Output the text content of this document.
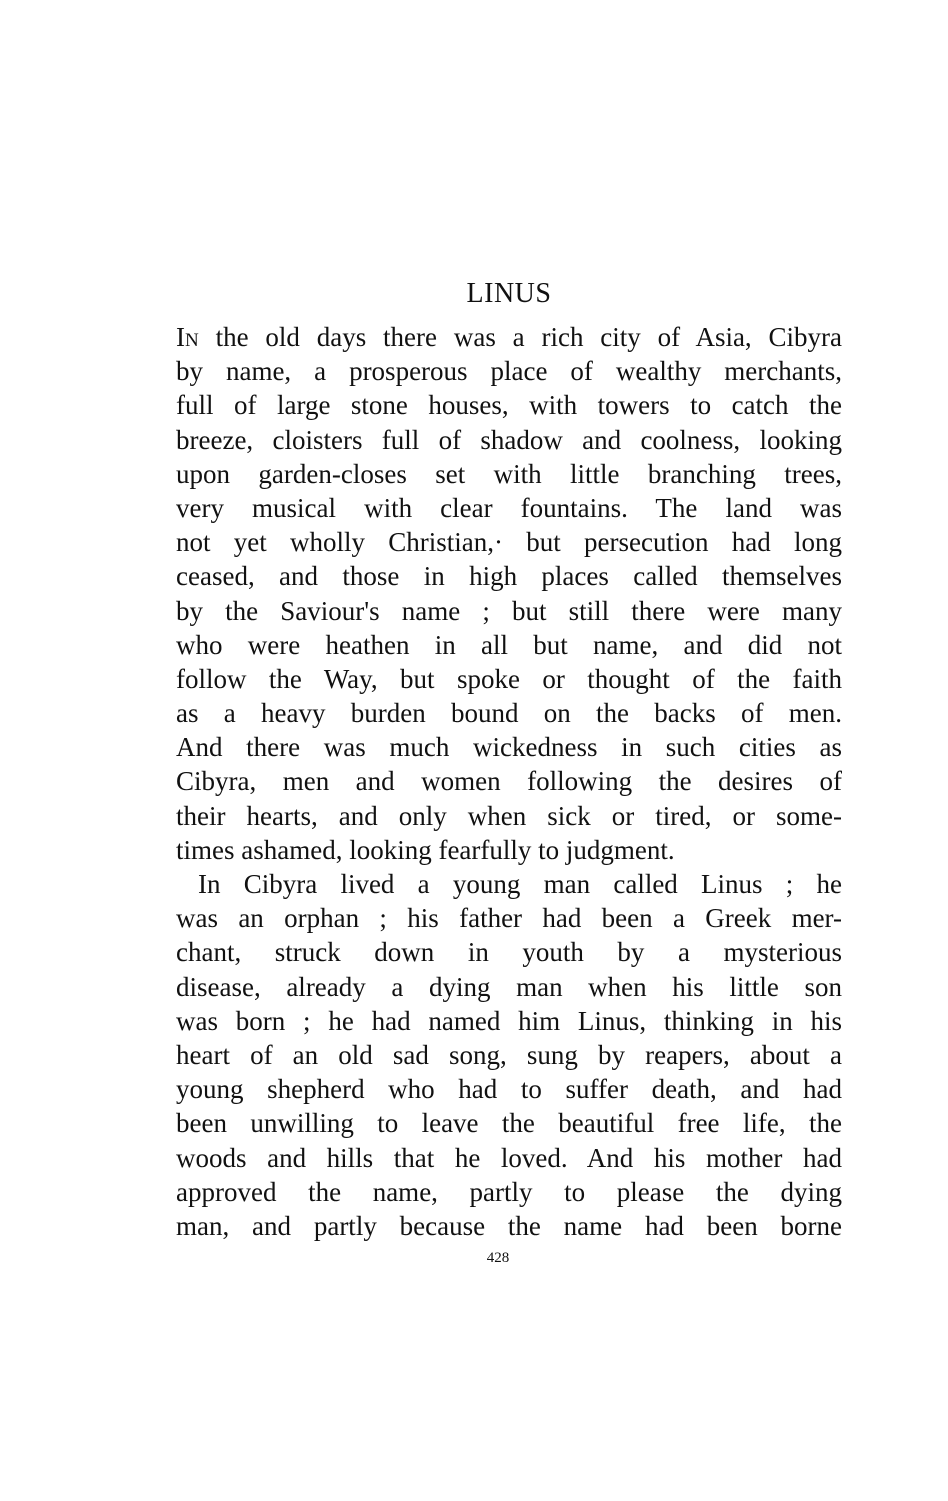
LINUS
In the old days there was a rich city of Asia, Cibyra
by name, a prosperous place of wealthy merchants,
full of large stone houses, with towers to catch the
breeze, cloisters full of shadow and coolness, looking
upon garden-closes set with little branching trees,
very musical with clear fountains. The land was
not yet wholly Christian,· but persecution had long
ceased, and those in high places called themselves
by the Saviour's name ; but still there were many
who were heathen in all but name, and did not
follow the Way, but spoke or thought of the faith
as a heavy burden bound on the backs of men.
And there was much wickedness in such cities as
Cibyra, men and women following the desires of
their hearts, and only when sick or tired, or some-
times ashamed, looking fearfully to judgment.
In Cibyra lived a young man called Linus ; he
was an orphan ; his father had been a Greek mer-
chant, struck down in youth by a mysterious
disease, already a dying man when his little son
was born ; he had named him Linus, thinking in his
heart of an old sad song, sung by reapers, about a
young shepherd who had to suffer death, and had
been unwilling to leave the beautiful free life, the
woods and hills that he loved. And his mother had
approved the name, partly to please the dying
man, and partly because the name had been borne
428
